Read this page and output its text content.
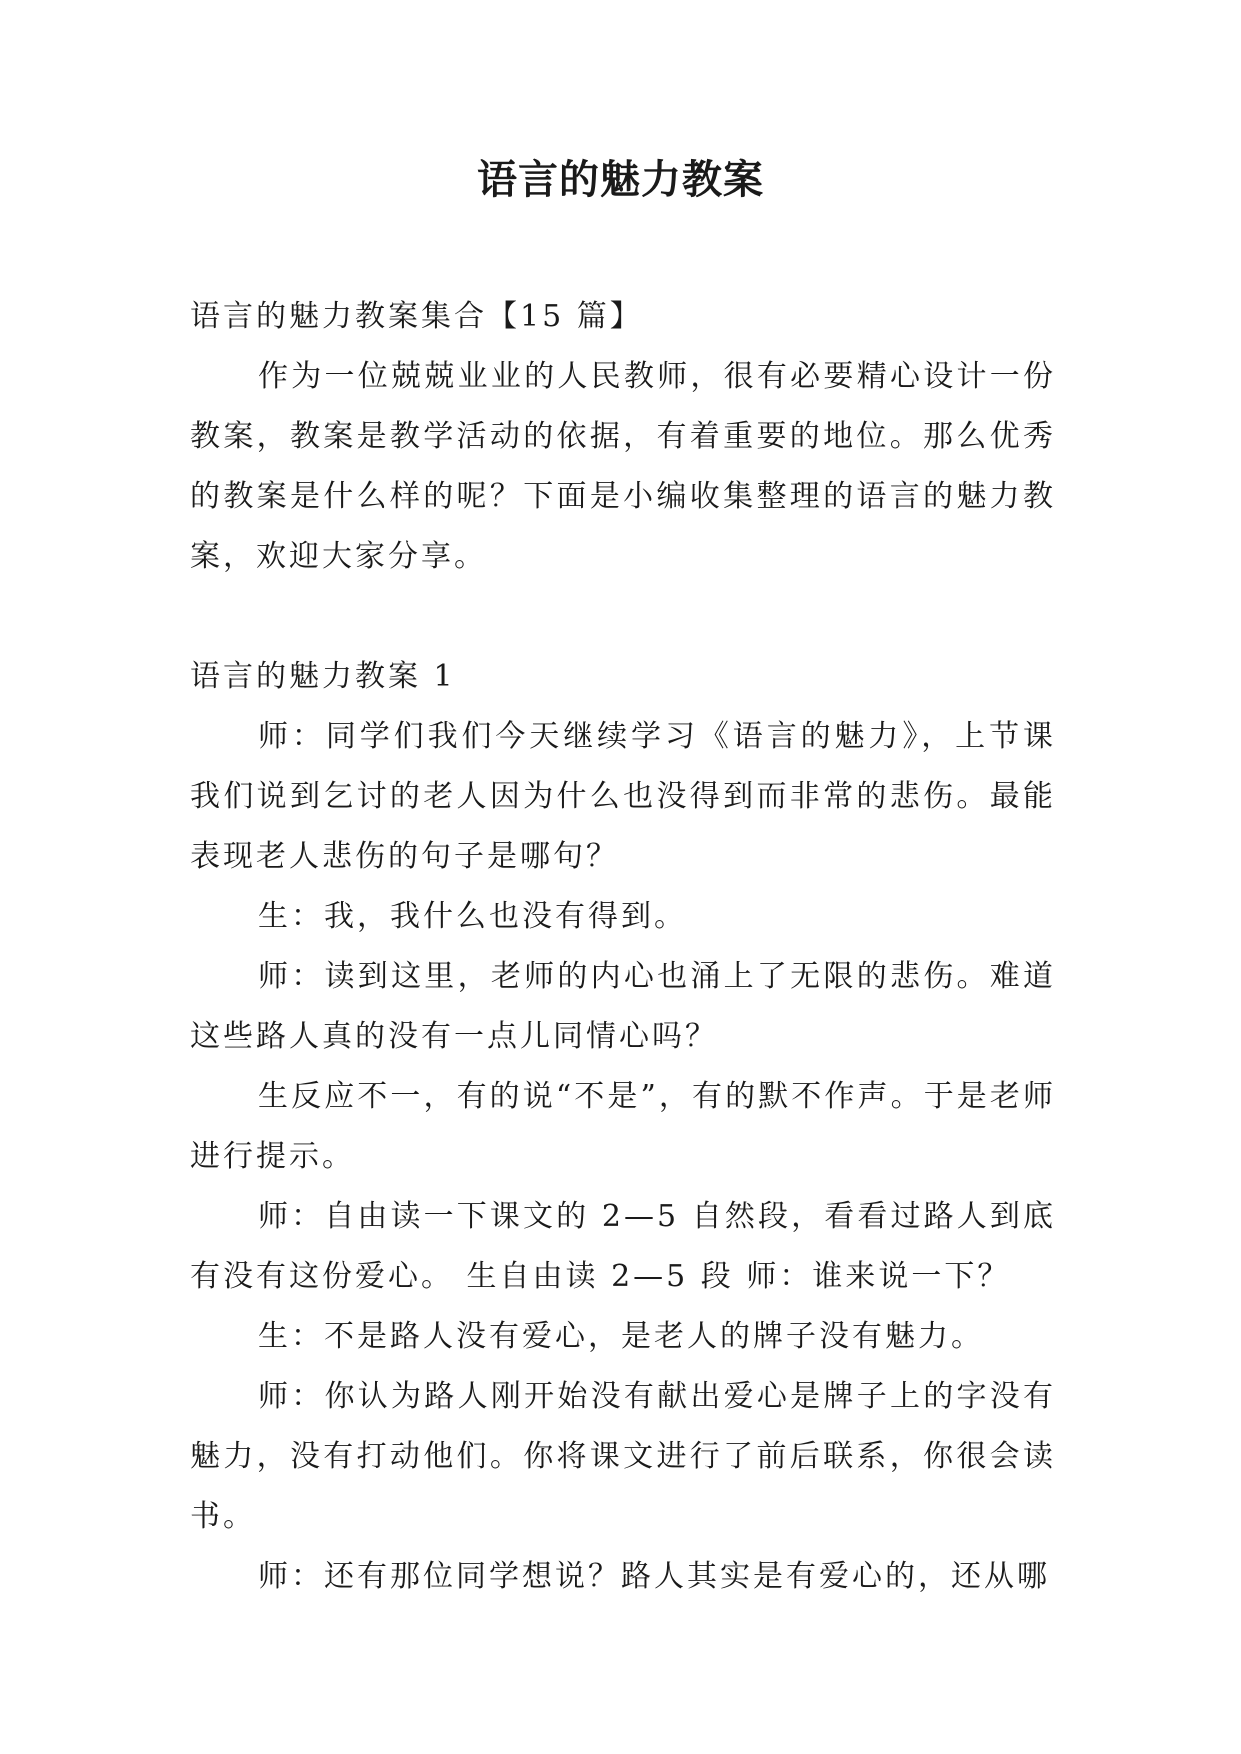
语言的魅力教案

语言的魅力教案集合【15 篇】

作为一位兢兢业业的人民教师，很有必要精心设计一份教案，教案是教学活动的依据，有着重要的地位。那么优秀的教案是什么样的呢？下面是小编收集整理的语言的魅力教案，欢迎大家分享。

语言的魅力教案 1

师：同学们我们今天继续学习《语言的魅力》，上节课我们说到乞讨的老人因为什么也没得到而非常的悲伤。最能表现老人悲伤的句子是哪句？

生：我，我什么也没有得到。

师：读到这里，老师的内心也涌上了无限的悲伤。难道这些路人真的没有一点儿同情心吗？

生反应不一，有的说“不是”，有的默不作声。于是老师进行提示。

师：自由读一下课文的 2—5 自然段，看看过路人到底有没有这份爱心。 生自由读 2—5 段 师：谁来说一下？

生：不是路人没有爱心，是老人的牌子没有魅力。

师：你认为路人刚开始没有献出爱心是牌子上的字没有魅力，没有打动他们。你将课文进行了前后联系，你很会读书。

师：还有那位同学想说？路人其实是有爱心的，还从哪
